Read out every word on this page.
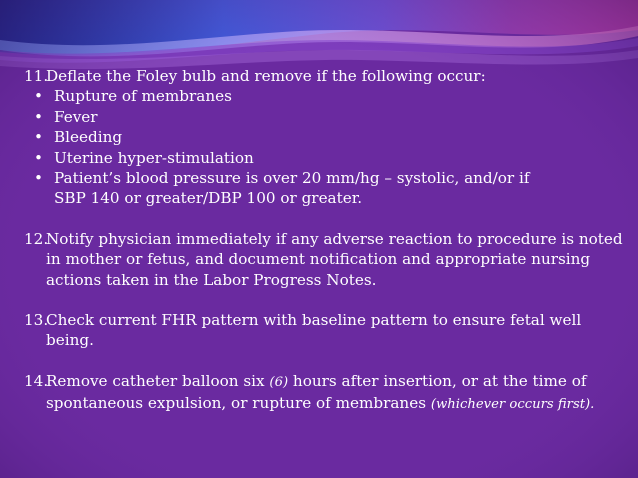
11.
Deflate the Foley bulb and remove if the following occur:
• Rupture of membranes
• Fever
• Bleeding
• Uterine hyper-stimulation
• Patient’s blood pressure is over 20 mm/hg – systolic, and/or if
SBP 140 or greater/DBP 100 or greater.
12.
Notify physician immediately if any adverse reaction to procedure is noted in mother or fetus, and document notification and appropriate nursing actions taken in the Labor Progress Notes.
13.
Check current FHR pattern with baseline pattern to ensure fetal well being.
14.
Remove catheter balloon six (6) hours after insertion, or at the time of spontaneous expulsion, or rupture of membranes (whichever occurs first).
